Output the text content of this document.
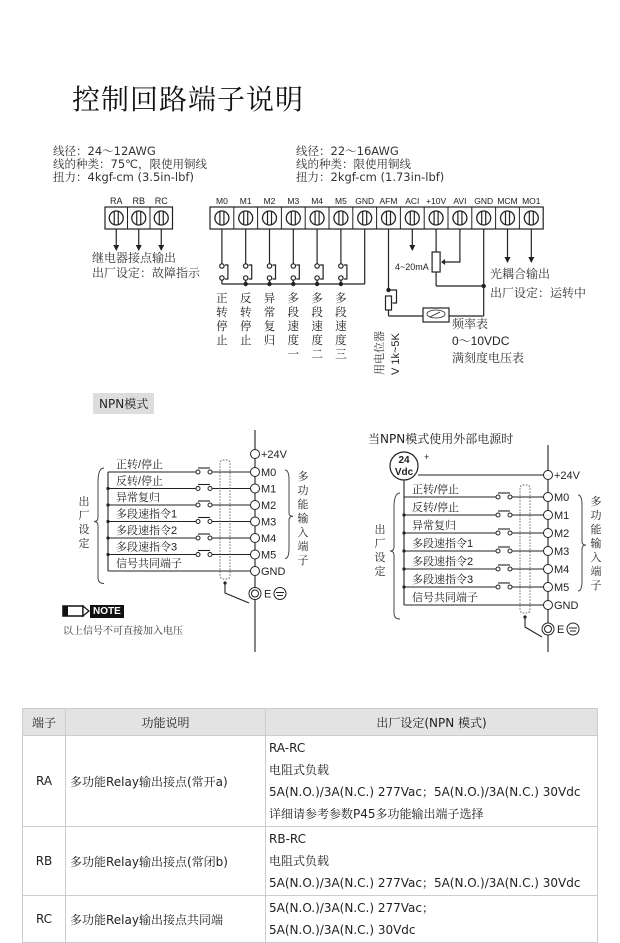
控制回路端子说明
线径：24～12AWG
线的种类：75℃，限使用铜线
扭力：4kgf-cm (3.5in-lbf)
线径：22～16AWG
线的种类：限使用铜线
扭力：2kgf-cm (1.73in-lbf)
RA RB RC	M0 M1 M2 M3 M4 M5 GND AFM ACI +10V AVI GND MCM MO1
继电器接点输出
出厂设定：故障指示
正
转
停
止
反
转
停
止
异
常
复
归
多
段
速
度
一
多
段
速
度
二
多
段
速
度
三
4~20mA	光耦合输出
出厂设定：运转中
频率表
0～10VDC
满刻度电压表
用电位器 V 1k~5K
NPN模式
当NPN模式使用外部电源时
+24V
M0
M1
M2
M3
M4
M5
GND
正转/停止
反转/停止
异常复归
多段速指令1
多段速指令2
多段速指令3
信号共同端子
E
出
厂
设
定
多
功
能
输
入
端
子
+24V
M0
M1
M2
M3
M4
M5
GND
正转/停止
反转/停止
异常复归
多段速指令1
多段速指令2
多段速指令3
信号共同端子
E
出
厂
设
定
多
功
能
输
入
端
子
24
Vdc
+
NOTE
以上信号不可直接加入电压
端子	功能说明	出厂设定(NPN 模式)
RA	多功能Relay输出接点(常开a)	RA-RC
电阻式负载
5A(N.O.)/3A(N.C.) 277Vac；5A(N.O.)/3A(N.C.) 30Vdc
详细请参考参数P45多功能输出端子选择

RB	多功能Relay输出接点(常闭b)	RB-RC
电阻式负载
5A(N.O.)/3A(N.C.) 277Vac；5A(N.O.)/3A(N.C.) 30Vdc

RC	多功能Relay输出接点共同端	5A(N.O.)/3A(N.C.) 277Vac；
5A(N.O.)/3A(N.C.) 30Vdc
